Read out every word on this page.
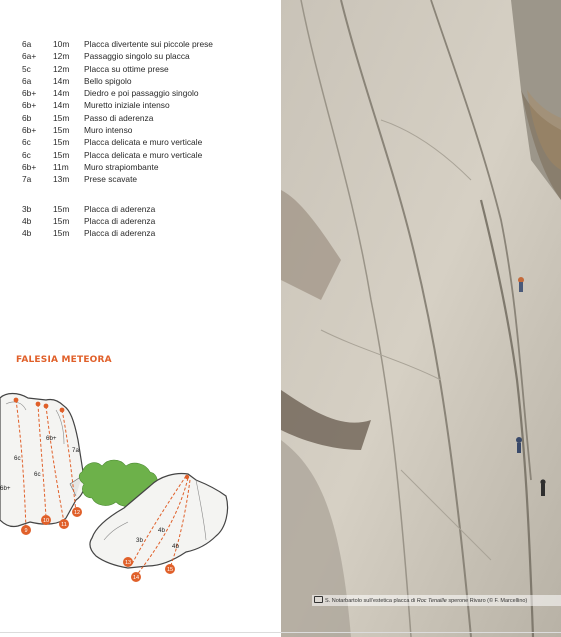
6a	10m	Placca divertente sui piccole prese
6a+	12m	Passaggio singolo su placca
5c	12m	Placca su ottime prese
6a	14m	Bello spigolo
6b+	14m	Diedro e poi passaggio singolo
6b+	14m	Muretto iniziale intenso
6b	15m	Passo di aderenza
6b+	15m	Muro intenso
6c	15m	Placca delicata e muro verticale
6c	15m	Placca delicata e muro verticale
6b+	11m	Muro strapiombante
7a	13m	Prese scavate
3b	15m	Placca di aderenza
4b	15m	Placca di aderenza
4b	15m	Placca di aderenza
FALESIA METEORA
6b+
6c
6c
6b+
7a
4b
3b
4b
9
10
11
12
13
14
15
S. Notarbartolo sull’estetica placca di Roc Tenaille sperone Rivaro (© F. Marcellino)
